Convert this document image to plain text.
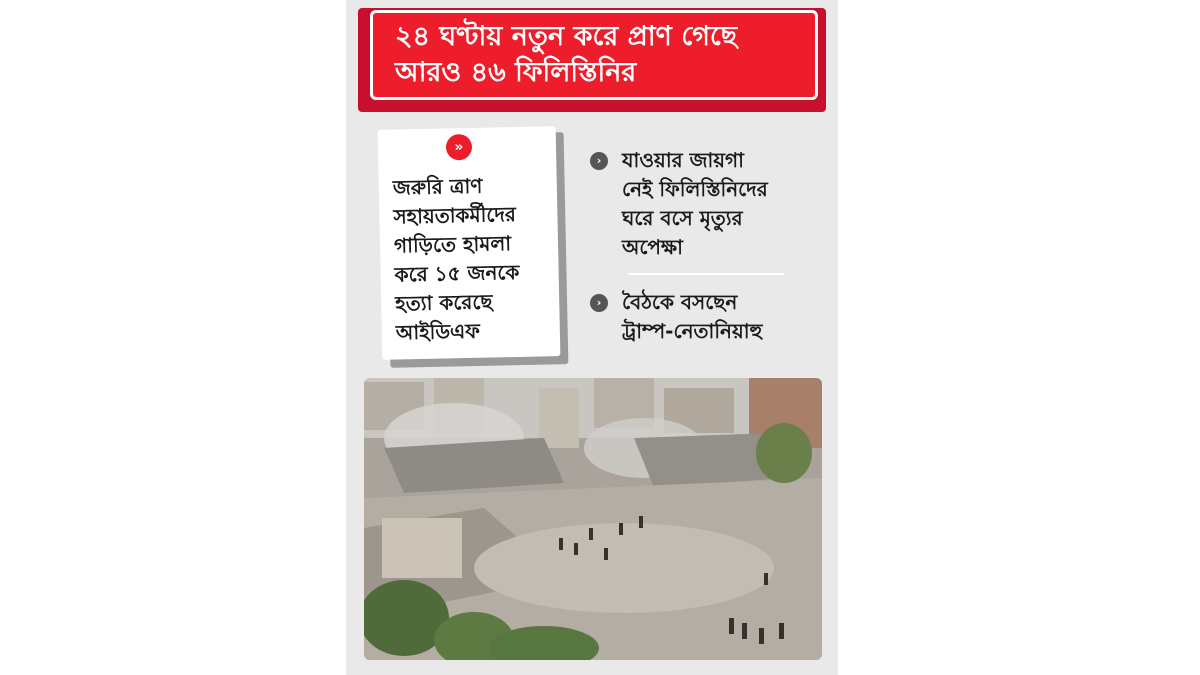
২৪ ঘণ্টায় নতুন করে প্রাণ গেছে
আরও ৪৬ ফিলিস্তিনির
»
জরুরি ত্রাণ
সহায়তাকর্মীদের
গাড়িতে হামলা
করে ১৫ জনকে
হত্যা করেছে
আইডিএফ
›	যাওয়ার জায়গা
নেই ফিলিস্তিনিদের
ঘরে বসে মৃত্যুর
অপেক্ষা
›	বৈঠকে বসছেন
ট্রাম্প-নেতানিয়াহু
